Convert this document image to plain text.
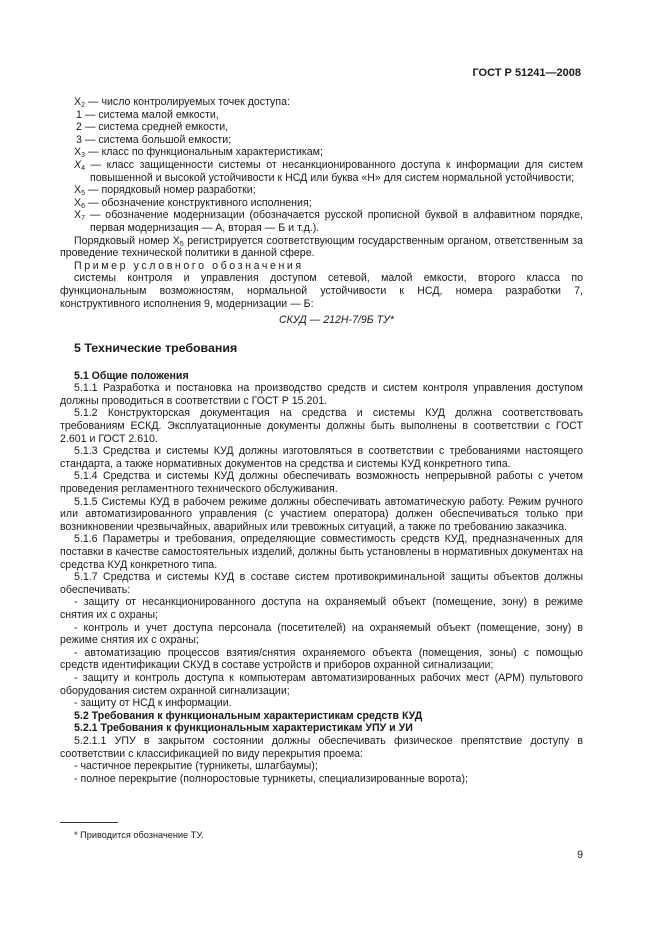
ГОСТ Р 51241—2008

$X_2$ — число контролируемых точек доступа:

1 — система малой емкости,

2 — система средней емкости,

3 — система большой емкости;

$X_3$ — класс по функциональным характеристикам;

$X_4$ — класс защищенности системы от несанкционированного доступа к информации для систем повышенной и высокой устойчивости к НСД или буква «Н» для систем нормальной устойчивости;

$X_5$ — порядковый номер разработки;

$X_6$ — обозначение конструктивного исполнения;

$X_7$ — обозначение модернизации (обозначается русской прописной буквой в алфавитном порядке, первая модернизация — А, вторая — Б и т.д.).

Порядковый номер $X_5$ регистрируется соответствующим государственным органом, ответственным за проведение технической политики в данной сфере.

Пример условного обозначения

системы контроля и управления доступом сетевой, малой емкости, второго класса по функциональным возможностям, нормальной устойчивости к НСД, номера разработки 7, конструктивного исполнения 9, модернизации — Б:

СКУД — 212Н-7/9Б ТУ*

5 Технические требования
5.1 Общие положения

5.1.1 Разработка и постановка на производство средств и систем контроля управления доступом должны проводиться в соответствии с ГОСТ Р 15.201.

5.1.2 Конструкторская документация на средства и системы КУД должна соответствовать требованиям ЕСКД. Эксплуатационные документы должны быть выполнены в соответствии с ГОСТ 2.601 и ГОСТ 2.610.

5.1.3 Средства и системы КУД должны изготовляться в соответствии с требованиями настоящего стандарта, а также нормативных документов на средства и системы КУД конкретного типа.

5.1.4 Средства и системы КУД должны обеспечивать возможность непрерывной работы с учетом проведения регламентного технического обслуживания.

5.1.5 Системы КУД в рабочем режиме должны обеспечивать автоматическую работу. Режим ручного или автоматизированного управления (с участием оператора) должен обеспечиваться только при возникновении чрезвычайных, аварийных или тревожных ситуаций, а также по требованию заказчика.

5.1.6 Параметры и требования, определяющие совместимость средств КУД, предназначенных для поставки в качестве самостоятельных изделий, должны быть установлены в нормативных документах на средства КУД конкретного типа.

5.1.7 Средства и системы КУД в составе систем противокриминальной защиты объектов должны обеспечивать:

- защиту от несанкционированного доступа на охраняемый объект (помещение, зону) в режиме снятия их с охраны;

- контроль и учет доступа персонала (посетителей) на охраняемый объект (помещение, зону) в режиме снятия их с охраны;

- автоматизацию процессов взятия/снятия охраняемого объекта (помещения, зоны) с помощью средств идентификации СКУД в составе устройств и приборов охранной сигнализации;

- защиту и контроль доступа к компьютерам автоматизированных рабочих мест (АРМ) пультового оборудования систем охранной сигнализации;

- защиту от НСД к информации.

5.2 Требования к функциональным характеристикам средств КУД

5.2.1 Требования к функциональным характеристикам УПУ и УИ

5.2.1.1 УПУ в закрытом состоянии должны обеспечивать физическое препятствие доступу в соответствии с классификацией по виду перекрытия проема:

- частичное перекрытие (турникеты, шлагбаумы);

- полное перекрытие (полноростовые турникеты, специализированные ворота);

* Приводится обозначение ТУ.
9
